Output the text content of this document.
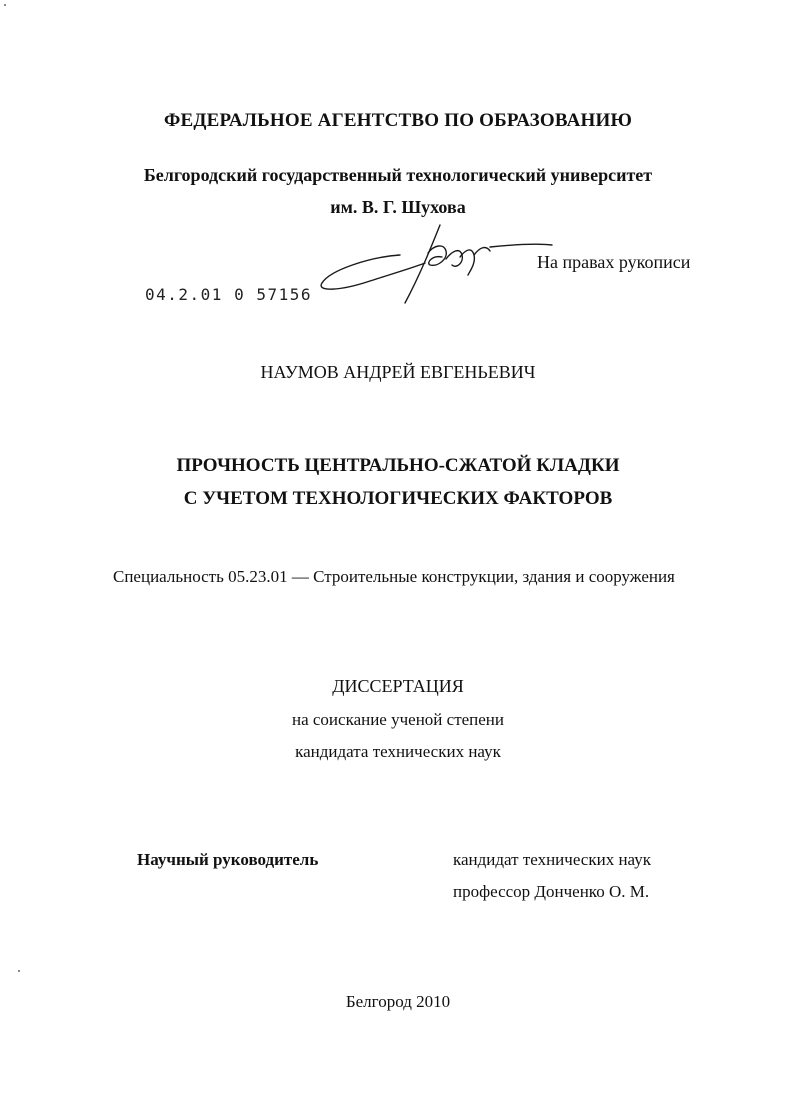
ФЕДЕРАЛЬНОЕ АГЕНТСТВО ПО ОБРАЗОВАНИЮ
Белгородский государственный технологический университет
им. В. Г. Шухова
На правах рукописи
04.2.01 0 57156
НАУМОВ АНДРЕЙ ЕВГЕНЬЕВИЧ
ПРОЧНОСТЬ ЦЕНТРАЛЬНО-СЖАТОЙ КЛАДКИ
С УЧЕТОМ ТЕХНОЛОГИЧЕСКИХ ФАКТОРОВ
Специальность 05.23.01 — Строительные конструкции, здания и сооружения
ДИССЕРТАЦИЯ
на соискание ученой степени
кандидата технических наук
Научный руководитель	кандидат технических наук
профессор Донченко О. М.
Белгород 2010
